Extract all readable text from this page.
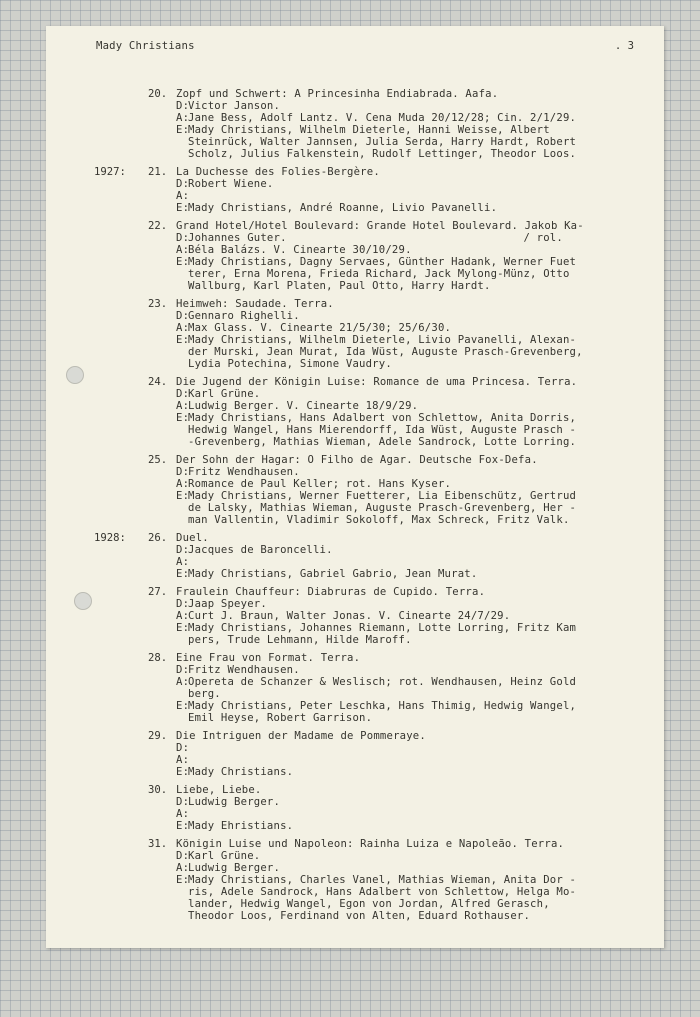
Mady Christians	. 3
20. Zopf und Schwert: A Princesinha Endiabrada. Aafa.
D:Victor Janson.
A:Jane Bess, Adolf Lantz. V. Cena Muda 20/12/28; Cin. 2/1/29.
E:Mady Christians, Wilhelm Dieterle, Hanni Weisse, Albert
Steinrück, Walter Jannsen, Julia Serda, Harry Hardt, Robert
Scholz, Julius Falkenstein, Rudolf Lettinger, Theodor Loos.
1927: 21. La Duchesse des Folies-Bergère.
D:Robert Wiene.
A:
E:Mady Christians, André Roanne, Livio Pavanelli.
22. Grand Hotel/Hotel Boulevard: Grande Hotel Boulevard. Jakob Ka-
D:Johannes Guter.                                    / rol.
A:Béla Balázs. V. Cinearte 30/10/29.
E:Mady Christians, Dagny Servaes, Günther Hadank, Werner Fuet
terer, Erna Morena, Frieda Richard, Jack Mylong-Münz, Otto
Wallburg, Karl Platen, Paul Otto, Harry Hardt.
23. Heimweh: Saudade. Terra.
D:Gennaro Righelli.
A:Max Glass. V. Cinearte 21/5/30; 25/6/30.
E:Mady Christians, Wilhelm Dieterle, Livio Pavanelli, Alexan-
der Murski, Jean Murat, Ida Wüst, Auguste Prasch-Grevenberg,
Lydia Potechina, Simone Vaudry.
24. Die Jugend der Königin Luise: Romance de uma Princesa. Terra.
D:Karl Grüne.
A:Ludwig Berger. V. Cinearte 18/9/29.
E:Mady Christians, Hans Adalbert von Schlettow, Anita Dorris,
Hedwig Wangel, Hans Mierendorff, Ida Wüst, Auguste Prasch -
-Grevenberg, Mathias Wieman, Adele Sandrock, Lotte Lorring.
25. Der Sohn der Hagar: O Filho de Agar. Deutsche Fox-Defa.
D:Fritz Wendhausen.
A:Romance de Paul Keller; rot. Hans Kyser.
E:Mady Christians, Werner Fuetterer, Lia Eibenschütz, Gertrud
de Lalsky, Mathias Wieman, Auguste Prasch-Grevenberg, Her -
man Vallentin, Vladimir Sokoloff, Max Schreck, Fritz Valk.
1928: 26. Duel.
D:Jacques de Baroncelli.
A:
E:Mady Christians, Gabriel Gabrio, Jean Murat.
27. Fraulein Chauffeur: Diabruras de Cupido. Terra.
D:Jaap Speyer.
A:Curt J. Braun, Walter Jonas. V. Cinearte 24/7/29.
E:Mady Christians, Johannes Riemann, Lotte Lorring, Fritz Kam
pers, Trude Lehmann, Hilde Maroff.
28. Eine Frau von Format. Terra.
D:Fritz Wendhausen.
A:Opereta de Schanzer & Weslisch; rot. Wendhausen, Heinz Gold
berg.
E:Mady Christians, Peter Leschka, Hans Thimig, Hedwig Wangel,
Emil Heyse, Robert Garrison.
29. Die Intriguen der Madame de Pommeraye.
D:
A:
E:Mady Christians.
30. Liebe, Liebe.
D:Ludwig Berger.
A:
E:Mady Ehristians.
31. Königin Luise und Napoleon: Rainha Luiza e Napoleão. Terra.
D:Karl Grüne.
A:Ludwig Berger.
E:Mady Christians, Charles Vanel, Mathias Wieman, Anita Dor -
ris, Adele Sandrock, Hans Adalbert von Schlettow, Helga Mo-
lander, Hedwig Wangel, Egon von Jordan, Alfred Gerasch,
Theodor Loos, Ferdinand von Alten, Eduard Rothauser.
